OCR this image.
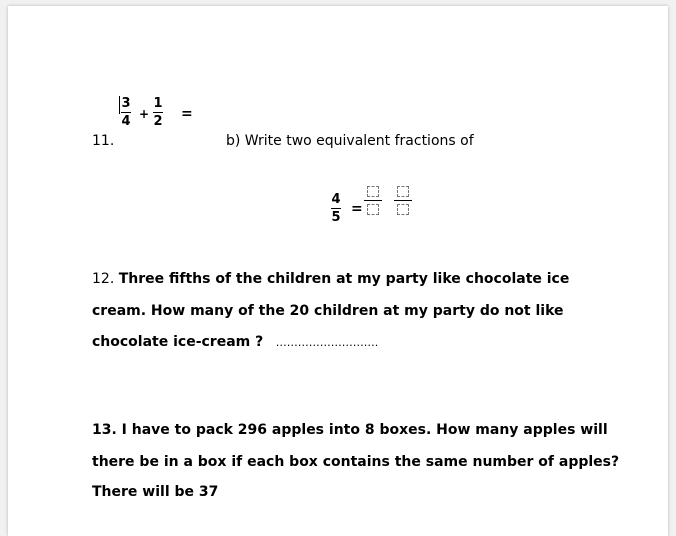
11.
3
4 +
1
2 =
b) Write two equivalent fractions of
4
5
=
12. Three fifths of the children at my party like chocolate ice
cream. How many of the 20 children at my party do not like
chocolate ice-cream ? ……………………….
13. I have to pack 296 apples into 8 boxes. How many apples will
there be in a box if each box contains the same number of apples?
There will be 37
